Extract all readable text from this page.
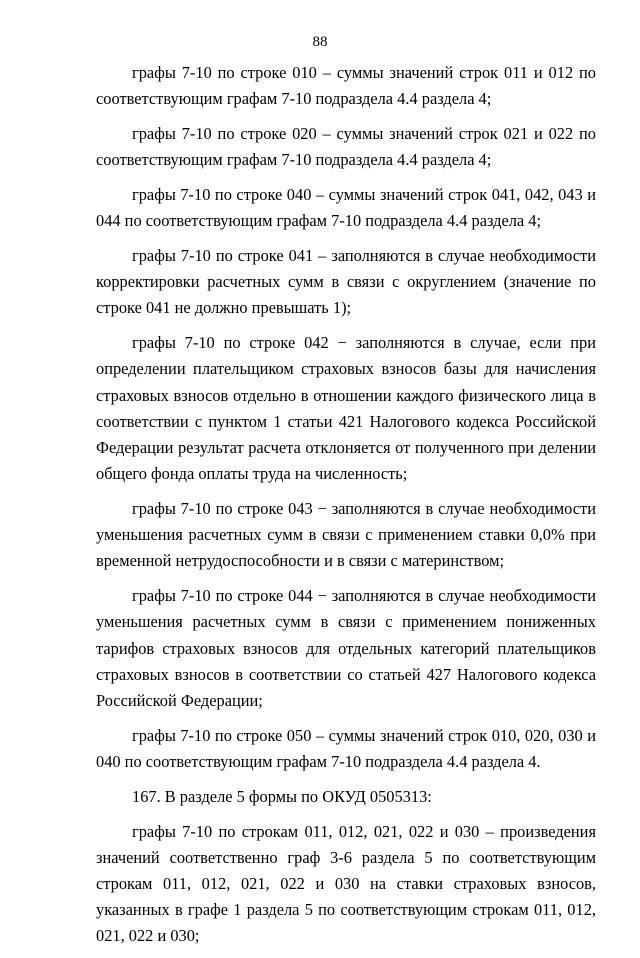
88

графы 7-10 по строке 010 – суммы значений строк 011 и 012 по соответствующим графам 7-10 подраздела 4.4 раздела 4;

графы 7-10 по строке 020 – суммы значений строк 021 и 022 по соответствующим графам 7-10 подраздела 4.4 раздела 4;

графы 7-10 по строке 040 – суммы значений строк 041, 042, 043 и 044 по соответствующим графам 7-10 подраздела 4.4 раздела 4;

графы 7-10 по строке 041 – заполняются в случае необходимости корректировки расчетных сумм в связи с округлением (значение по строке 041 не должно превышать 1);

графы 7-10 по строке 042 − заполняются в случае, если при определении плательщиком страховых взносов базы для начисления страховых взносов отдельно в отношении каждого физического лица в соответствии с пунктом 1 статьи 421 Налогового кодекса Российской Федерации результат расчета отклоняется от полученного при делении общего фонда оплаты труда на численность;

графы 7-10 по строке 043 − заполняются в случае необходимости уменьшения расчетных сумм в связи с применением ставки 0,0% при временной нетрудоспособности и в связи с материнством;

графы 7-10 по строке 044 − заполняются в случае необходимости уменьшения расчетных сумм в связи с применением пониженных тарифов страховых взносов для отдельных категорий плательщиков страховых взносов в соответствии со статьей 427 Налогового кодекса Российской Федерации;

графы 7-10 по строке 050 – суммы значений строк 010, 020, 030 и 040 по соответствующим графам 7-10 подраздела 4.4 раздела 4.

167. В разделе 5 формы по ОКУД 0505313:

графы 7-10 по строкам 011, 012, 021, 022 и 030 – произведения значений соответственно граф 3-6 раздела 5 по соответствующим строкам 011, 012, 021, 022 и 030 на ставки страховых взносов, указанных в графе 1 раздела 5 по соответствующим строкам 011, 012, 021, 022 и 030;
